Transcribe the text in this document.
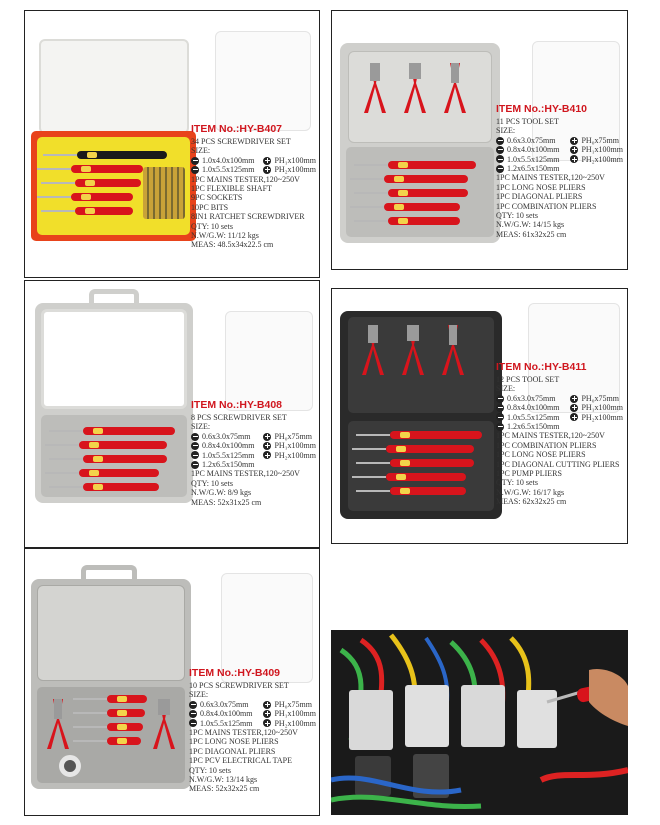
ITEM No.:HY-B407
34 PCS SCREWDRIVER SET
SIZE:
1.0x4.0x100mm	PH₁x100mm
1.0x5.5x125mm	PH₂x100mm
1PC MAINS TESTER,120~250V
1PC FLEXIBLE SHAFT
9PC SOCKETS
10PC BITS
8IN1 RATCHET SCREWDRIVER
QTY: 10 sets
N.W/G.W: 11/12 kgs
MEAS: 48.5x34x22.5 cm
ITEM No.:HY-B410
11 PCS TOOL SET
SIZE:
0.6x3.0x75mm	PH₀x75mm
0.8x4.0x100mm	PH₁x100mm
1.0x5.5x125mm	PH₂x100mm
1.2x6.5x150mm
1PC MAINS TESTER,120~250V
1PC LONG NOSE PLIERS
1PC DIAGONAL PLIERS
1PC COMBINATION PLIERS
QTY: 10 sets
N.W/G.W: 14/15 kgs
MEAS: 61x32x25 cm
ITEM No.:HY-B408
8 PCS SCREWDRIVER SET
SIZE:
0.6x3.0x75mm	PH₀x75mm
0.8x4.0x100mm	PH₁x100mm
1.0x5.5x125mm	PH₂x100mm
1.2x6.5x150mm
1PC MAINS TESTER,120~250V
QTY: 10 sets
N.W/G.W: 8/9 kgs
MEAS: 52x31x25 cm
ITEM No.:HY-B411
12 PCS TOOL SET
SIZE:
0.6x3.0x75mm	PH₀x75mm
0.8x4.0x100mm	PH₁x100mm
1.0x5.5x125mm	PH₂x100mm
1.2x6.5x150mm
1PC MAINS TESTER,120~250V
1PC COMBINATION PLIERS
1PC LONG NOSE PLIERS
1PC DIAGONAL CUTTING PLIERS
1PC PUMP PLIERS
QTY: 10 sets
N.W/G.W: 16/17 kgs
MEAS: 62x32x25 cm
ITEM No.:HY-B409
10 PCS SCREWDRIVER SET
SIZE:
0.6x3.0x75mm	PH₀x75mm
0.8x4.0x100mm	PH₁x100mm
1.0x5.5x125mm	PH₂x100mm
1PC MAINS TESTER,120~250V
1PC LONG NOSE PLIERS
1PC DIAGONAL PLIERS
1PC PCV ELECTRICAL TAPE
QTY: 10 sets
N.W/G.W: 13/14 kgs
MEAS: 52x32x25 cm
